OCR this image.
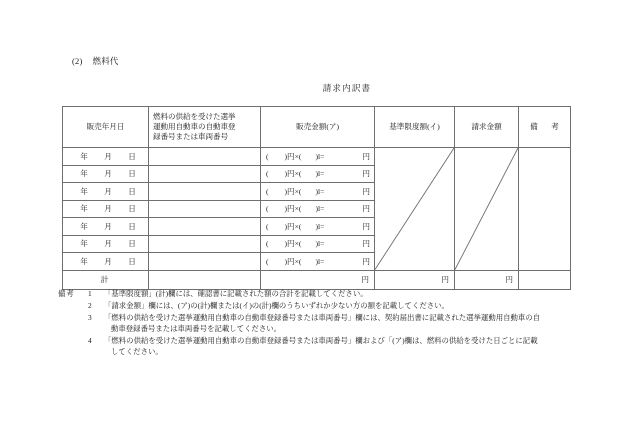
(2) 燃料代
請求内訳書
販売年月日	燃料の供給を受けた選挙
運動用自動車の自動車登
録番号または車両番号	販売金額(ア)	基準限度額(イ)	請求金額	備　考

年 月 日		( )円×( )l= 円

年 月 日		( )円×( )l= 円			

年 月 日		( )円×( )l= 円			

年 月 日		( )円×( )l= 円			

年 月 日		( )円×( )l= 円			

年 月 日		( )円×( )l= 円			

年 月 日		( )円×( )l= 円			

計		円	円	円	

備考 1	「基準限度額」(計)欄には、確認書に記載された額の合計を記載してください。
2	「請求金額」欄には、(ア)の(計)欄または(イ)の(計)欄のうちいずれか少ない方の額を記載してください。
3	「燃料の供給を受けた選挙運動用自動車の自動車登録番号または車両番号」欄には、契約届出書に記載された選挙運動用自動車の自
動車登録番号または車両番号を記載してください。
4	「燃料の供給を受けた選挙運動用自動車の自動車登録番号または車両番号」欄および「(ア)欄は、燃料の供給を受けた日ごとに記載
してください。
